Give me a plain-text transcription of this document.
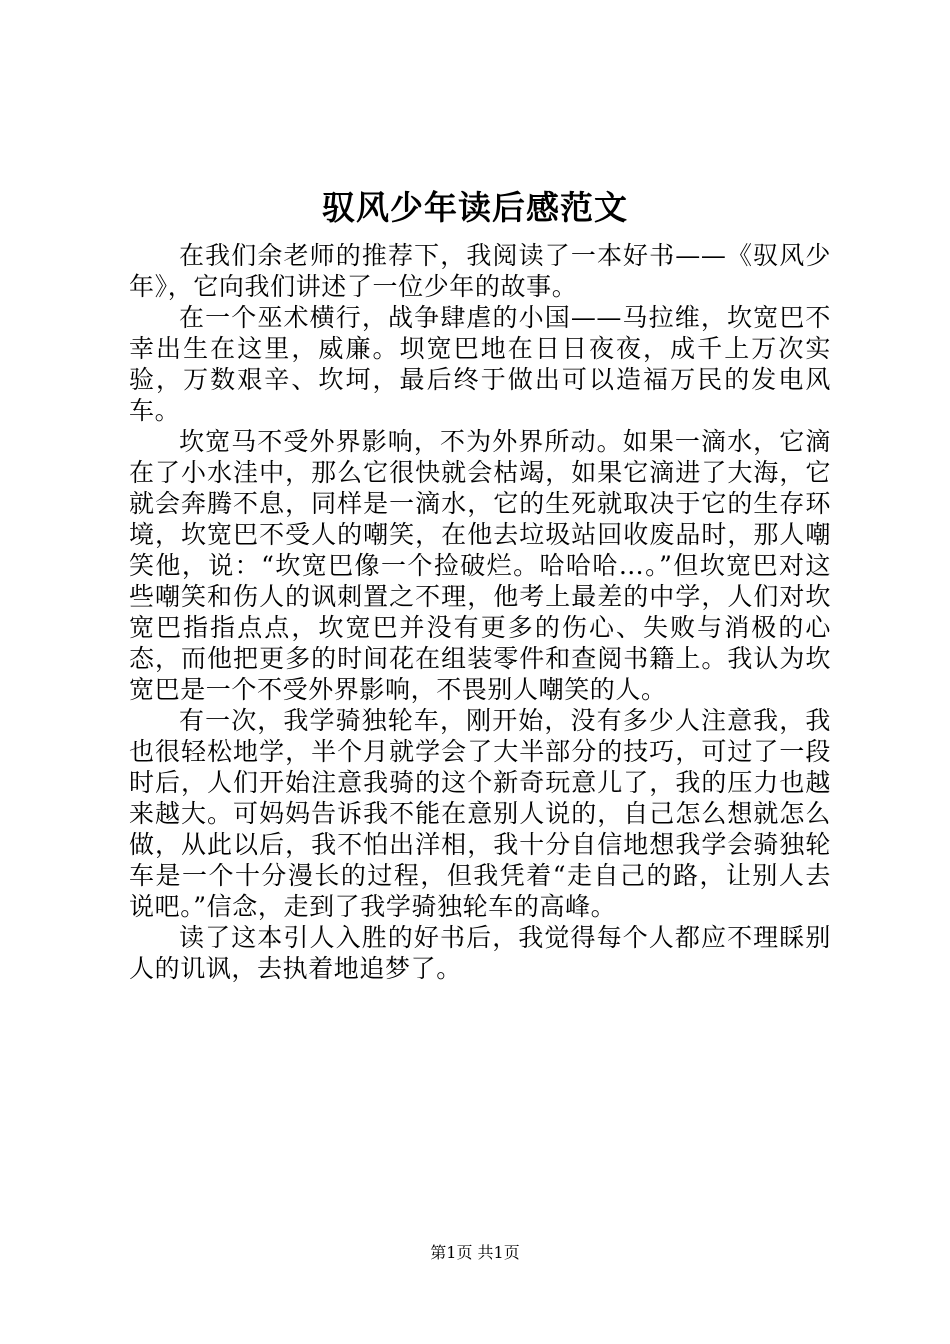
驭风少年读后感范文

在我们余老师的推荐下，我阅读了一本好书——《驭风少年》，它向我们讲述了一位少年的故事。

在一个巫术横行，战争肆虐的小国——马拉维，坎宽巴不幸出生在这里，威廉。坝宽巴地在日日夜夜，成千上万次实验，万数艰辛、坎坷，最后终于做出可以造福万民的发电风车。

坎宽马不受外界影响，不为外界所动。如果一滴水，它滴在了小水洼中，那么它很快就会枯竭，如果它滴进了大海，它就会奔腾不息，同样是一滴水，它的生死就取决于它的生存环境，坎宽巴不受人的嘲笑，在他去垃圾站回收废品时，那人嘲笑他，说：“坎宽巴像一个捡破烂。哈哈哈…。”但坎宽巴对这些嘲笑和伤人的讽刺置之不理，他考上最差的中学，人们对坎宽巴指指点点，坎宽巴并没有更多的伤心、失败与消极的心态，而他把更多的时间花在组装零件和查阅书籍上。我认为坎宽巴是一个不受外界影响，不畏别人嘲笑的人。

有一次，我学骑独轮车，刚开始，没有多少人注意我，我也很轻松地学，半个月就学会了大半部分的技巧，可过了一段时后，人们开始注意我骑的这个新奇玩意儿了，我的压力也越来越大。可妈妈告诉我不能在意别人说的，自己怎么想就怎么做，从此以后，我不怕出洋相，我十分自信地想我学会骑独轮车是一个十分漫长的过程，但我凭着“走自己的路，让别人去说吧。”信念，走到了我学骑独轮车的高峰。

读了这本引人入胜的好书后，我觉得每个人都应不理睬别人的讥讽，去执着地追梦了。

第1页 共1页
